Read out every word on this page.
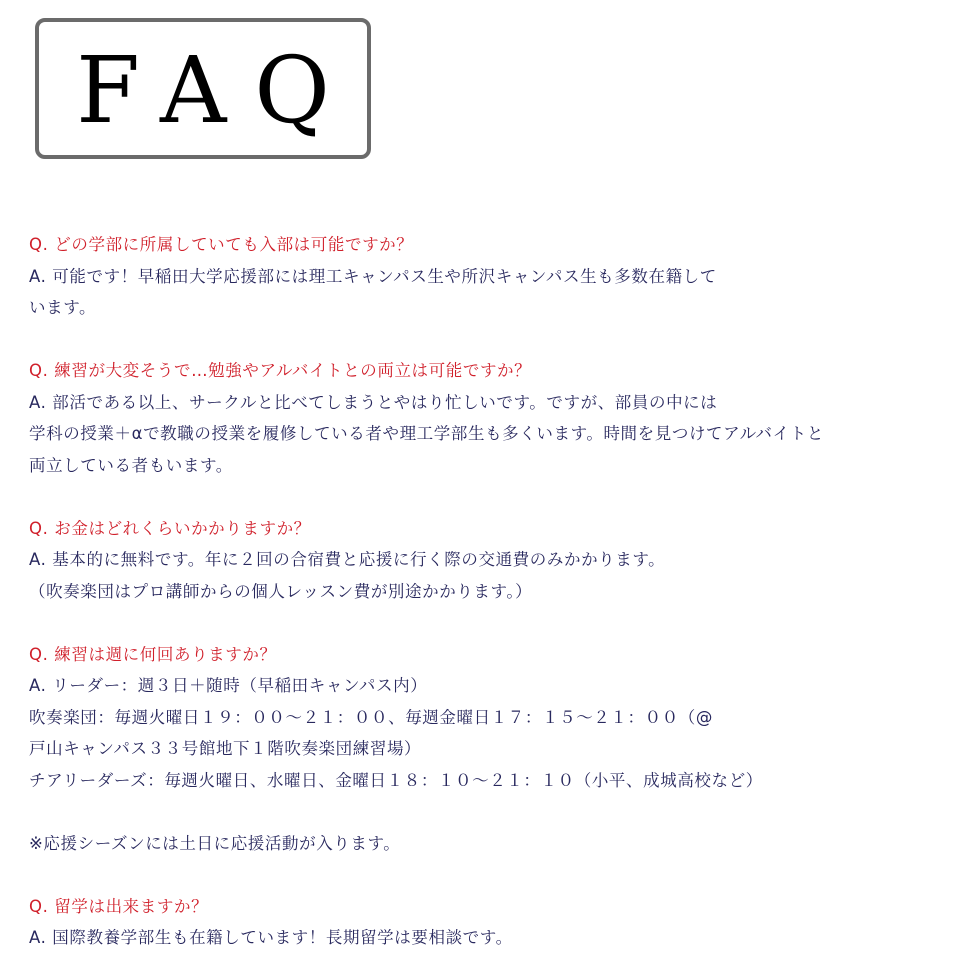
FAQ
Q. どの学部に所属していても入部は可能ですか？
A. 可能です！早稲田大学応援部には理工キャンパス生や所沢キャンパス生も多数在籍して
います。
Q. 練習が大変そうで…勉強やアルバイトとの両立は可能ですか？
A. 部活である以上、サークルと比べてしまうとやはり忙しいです。ですが、部員の中には
学科の授業＋αで教職の授業を履修している者や理工学部生も多くいます。時間を見つけてアルバイトと
両立している者もいます。
Q. お金はどれくらいかかりますか？
A. 基本的に無料です。年に２回の合宿費と応援に行く際の交通費のみかかります。
（吹奏楽団はプロ講師からの個人レッスン費が別途かかります。）
Q. 練習は週に何回ありますか？
A. リーダー：週３日＋随時（早稲田キャンパス内）
吹奏楽団：毎週火曜日１９：００～２１：００、毎週金曜日１７：１５～２１：００（@
戸山キャンパス３３号館地下１階吹奏楽団練習場）
チアリーダーズ：毎週火曜日、水曜日、金曜日１８：１０～２１：１０（小平、成城高校など）
※応援シーズンには土日に応援活動が入ります。
Q. 留学は出来ますか？
A. 国際教養学部生も在籍しています！長期留学は要相談です。
